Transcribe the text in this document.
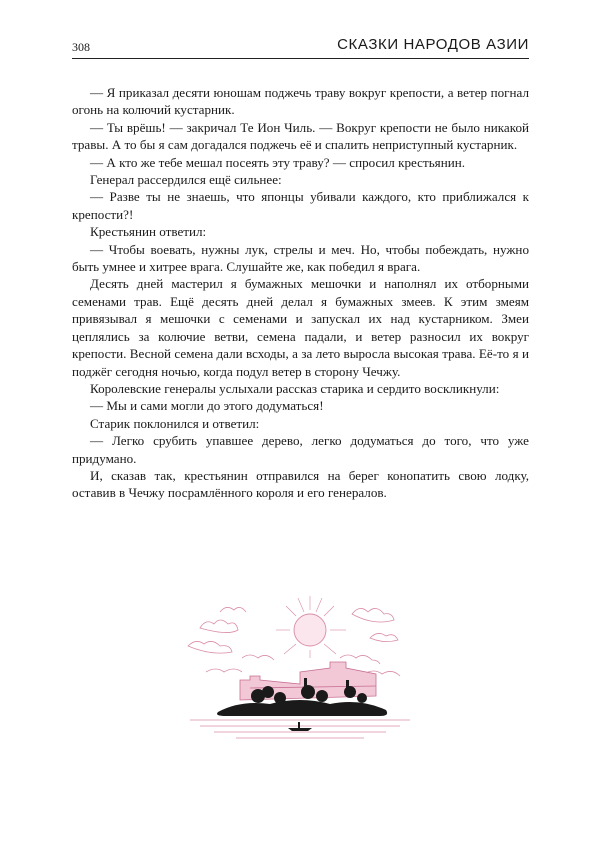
308	СКАЗКИ НАРОДОВ АЗИИ

— Я приказал десяти юношам поджечь траву вокруг крепости, а ветер погнал огонь на колючий кустарник.

— Ты врёшь! — закричал Те Ион Чиль. — Вокруг крепости не было никакой травы. А то бы я сам догадался поджечь её и спалить неприступный кустарник.

— А кто же тебе мешал посеять эту траву? — спросил крестьянин.

Генерал рассердился ещё сильнее:

— Разве ты не знаешь, что японцы убивали каждого, кто приближался к крепости?!

Крестьянин ответил:

— Чтобы воевать, нужны лук, стрелы и меч. Но, чтобы побеждать, нужно быть умнее и хитрее врага. Слушайте же, как победил я врага.

Десять дней мастерил я бумажных мешочки и наполнял их отборными семенами трав. Ещё десять дней делал я бумажных змеев. К этим змеям привязывал я мешочки с семенами и запускал их над кустарником. Змеи цеплялись за колючие ветви, семена падали, и ветер разносил их вокруг крепости. Весной семена дали всходы, а за лето выросла высокая трава. Её-то я и поджёг сегодня ночью, когда подул ветер в сторону Чечжу.

Королевские генералы услыхали рассказ старика и сердито воскликнули:

— Мы и сами могли до этого додуматься!

Старик поклонился и ответил:

— Легко срубить упавшее дерево, легко додуматься до того, что уже придумано.

И, сказав так, крестьянин отправился на берег конопатить свою лодку, оставив в Чечжу посрамлённого короля и его генералов.
